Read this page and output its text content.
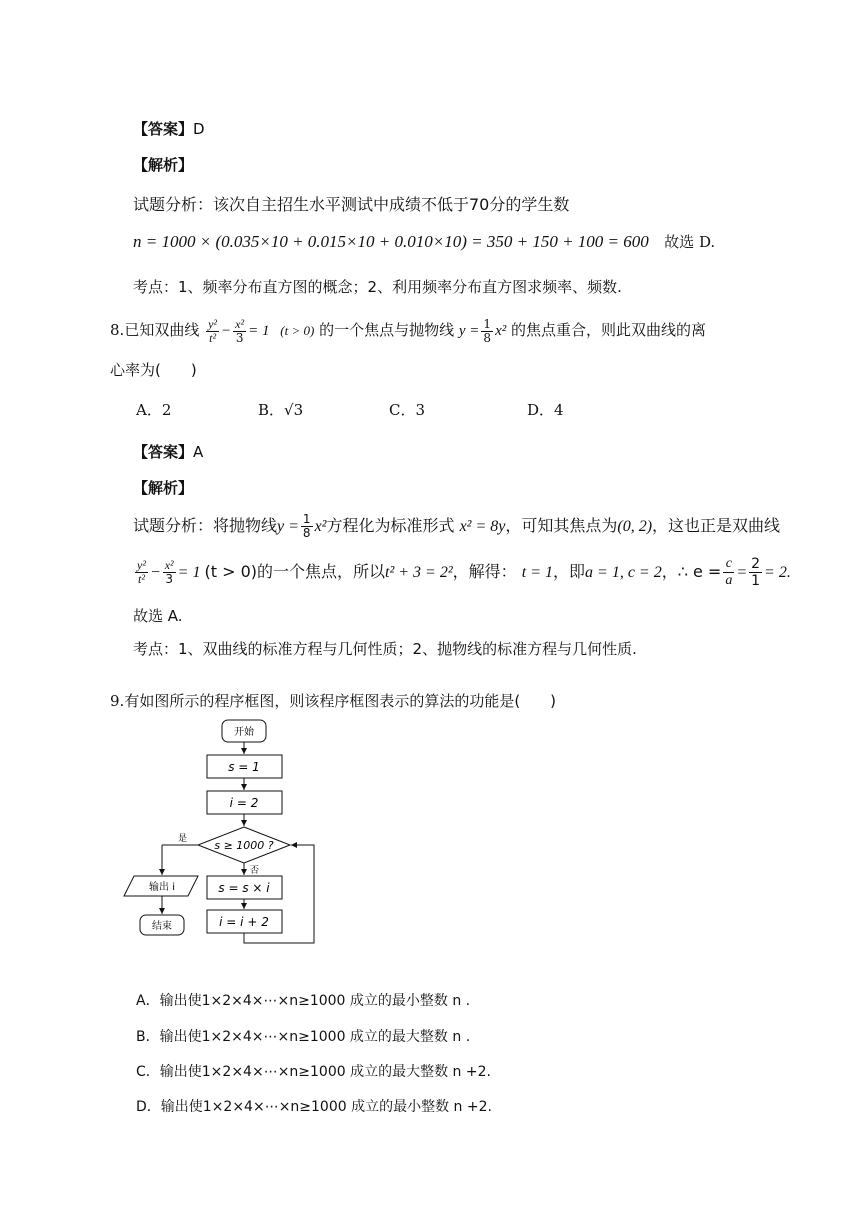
【答案】D
【解析】
试题分析：该次自主招生水平测试中成绩不低于70分的学生数
n = 1000 × (0.035×10 + 0.015×10 + 0.010×10) = 350 + 150 + 100 = 600 故选 D.
考点：1、频率分布直方图的概念；2、利用频率分布直方图求频率、频数.
8.已知双曲线 $\frac{\text{y²}}{\text{t²}} - \frac{\text{x²}}{3} = 1$ (t > 0) 的一个焦点与抛物线 $y = \frac{1}{8} x^2$ 的焦点重合，则此双曲线的离
心率为(　　)
A．2	B．√3	C．3	D．4
【答案】A
【解析】
试题分析：将抛物线$y = \frac{1}{8} x^2$方程化为标准形式 x² = 8y，可知其焦点为(0, 2)，这也正是双曲线
$\frac{\text{y²}}{\text{t²}} - \frac{\text{x²}}{3} = 1$ (t > 0)的一个焦点，所以t² + 3 = 2²，解得： t = 1，即a = 1, c = 2，∴ $e = \frac{c}{a} = \frac{2}{1} = 2$.
故选 A.
考点：1、双曲线的标准方程与几何性质；2、抛物线的标准方程与几何性质.
9.有如图所示的程序框图，则该程序框图表示的算法的功能是(　　)
开始
s = 1
i = 2
s ≥ 1000 ?
是
输出 i
结束
否
s = s × i
i = i + 2
A．输出使1×2×4×⋯×n≥1000 成立的最小整数 n .
B．输出使1×2×4×⋯×n≥1000 成立的最大整数 n .
C．输出使1×2×4×⋯×n≥1000 成立的最大整数 n +2.
D．输出使1×2×4×⋯×n≥1000 成立的最小整数 n +2.
